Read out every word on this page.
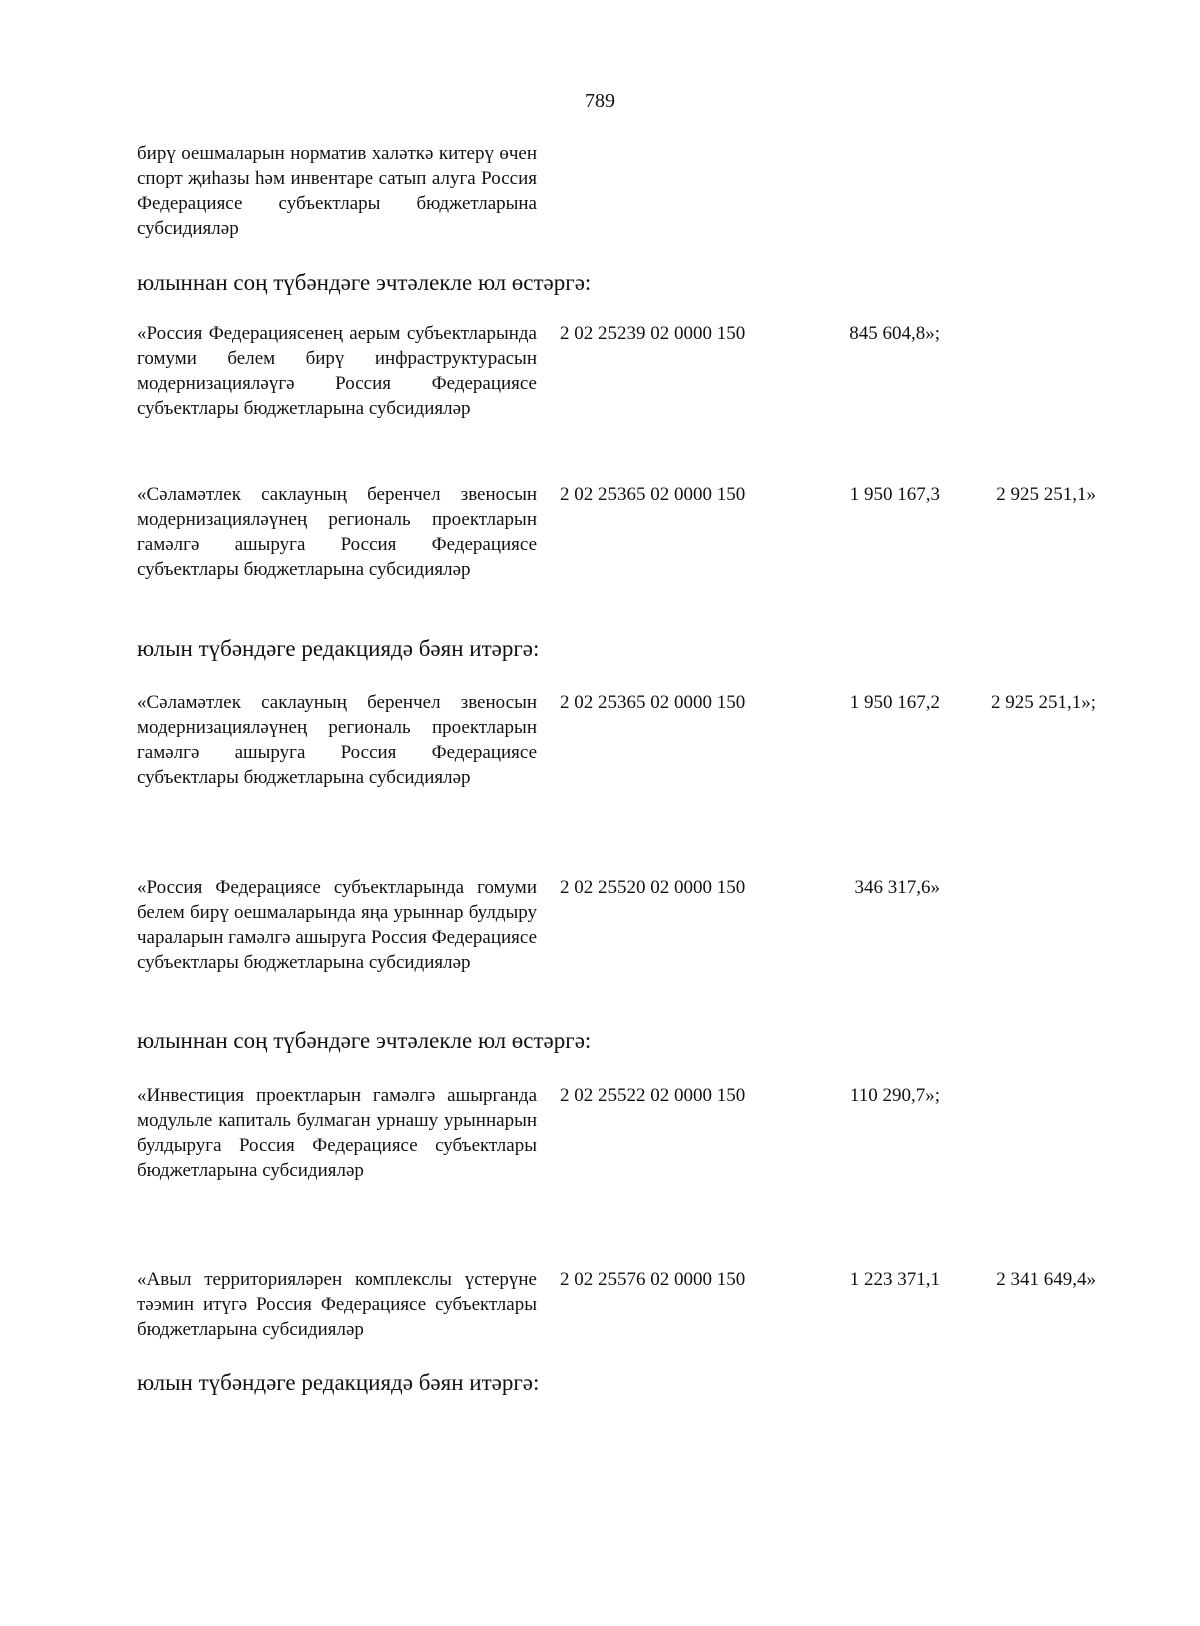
789
бирү оешмаларын норматив халәткә китерү өчен спорт җиһазы һәм инвентаре сатып алуга Россия Федерациясе субъектлары бюджетларына субсидияләр
юлыннан соң түбәндәге эчтәлекле юл өстәргә:
«Россия Федерациясенең аерым субъектларында гомуми белем бирү инфраструктурасын модернизацияләүгә Россия Федерациясе субъектлары бюджетларына субсидияләр
2 02 25239 02 0000 150	845 604,8»;
«Сәламәтлек саклауның беренчел звеносын модернизацияләүнең региональ проектларын гамәлгә ашыруга Россия Федерациясе субъектлары бюджетларына субсидияләр
2 02 25365 02 0000 150	1 950 167,3	2 925 251,1»
юлын түбәндәге редакциядә бәян итәргә:
«Сәламәтлек саклауның беренчел звеносын модернизацияләүнең региональ проектларын гамәлгә ашыруга Россия Федерациясе субъектлары бюджетларына субсидияләр
2 02 25365 02 0000 150	1 950 167,2	2 925 251,1»;
«Россия Федерациясе субъектларында гомуми белем бирү оешмаларында яңа урыннар булдыру чараларын гамәлгә ашыруга Россия Федерациясе субъектлары бюджетларына субсидияләр
2 02 25520 02 0000 150	346 317,6»
юлыннан соң түбәндәге эчтәлекле юл өстәргә:
«Инвестиция проектларын гамәлгә ашырганда модульле капиталь булмаган урнашу урыннарын булдыруга Россия Федерациясе субъектлары бюджетларына субсидияләр
2 02 25522 02 0000 150	110 290,7»;
«Авыл территорияләрен комплекслы үстерүне тәэмин итүгә Россия Федерациясе субъектлары бюджетларына субсидияләр
2 02 25576 02 0000 150	1 223 371,1	2 341 649,4»
юлын түбәндәге редакциядә бәян итәргә:
